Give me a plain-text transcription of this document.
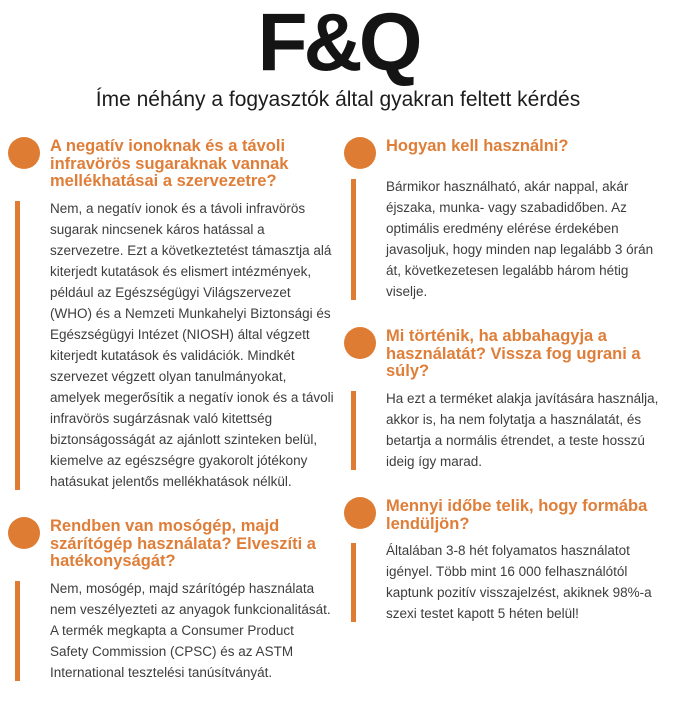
F&Q
Íme néhány a fogyasztók által gyakran feltett kérdés
A negatív ionoknak és a távoli infravörös sugaraknak vannak mellékhatásai a szervezetre?

Nem, a negatív ionok és a távoli infravörös sugarak nincsenek káros hatással a szervezetre. Ezt a következtetést támasztja alá kiterjedt kutatások és elismert intézmények, például az Egészségügyi Világszervezet (WHO) és a Nemzeti Munkahelyi Biztonsági és Egészségügyi Intézet (NIOSH) által végzett kiterjedt kutatások és validációk. Mindkét szervezet végzett olyan tanulmányokat, amelyek megerősítik a negatív ionok és a távoli infravörös sugárzásnak való kitettség biztonságosságát az ajánlott szinteken belül, kiemelve az egészségre gyakorolt jótékony hatásukat jelentős mellékhatások nélkül.

Rendben van mosógép, majd szárítógép használata? Elveszíti a hatékonyságát?

Nem, mosógép, majd szárítógép használata nem veszélyezteti az anyagok funkcionalitását. A termék megkapta a Consumer Product Safety Commission (CPSC) és az ASTM International tesztelési tanúsítványát.

Hogyan kell használni?

Bármikor használható, akár nappal, akár éjszaka, munka- vagy szabadidőben. Az optimális eredmény elérése érdekében javasoljuk, hogy minden nap legalább 3 órán át, következetesen legalább három hétig viselje.

Mi történik, ha abbahagyja a használatát? Vissza fog ugrani a súly?

Ha ezt a terméket alakja javítására használja, akkor is, ha nem folytatja a használatát, és betartja a normális étrendet, a teste hosszú ideig így marad.

Mennyi időbe telik, hogy formába lendüljön?

Általában 3-8 hét folyamatos használatot igényel. Több mint 16 000 felhasználótól kaptunk pozitív visszajelzést, akiknek 98%-a szexi testet kapott 5 héten belül!
